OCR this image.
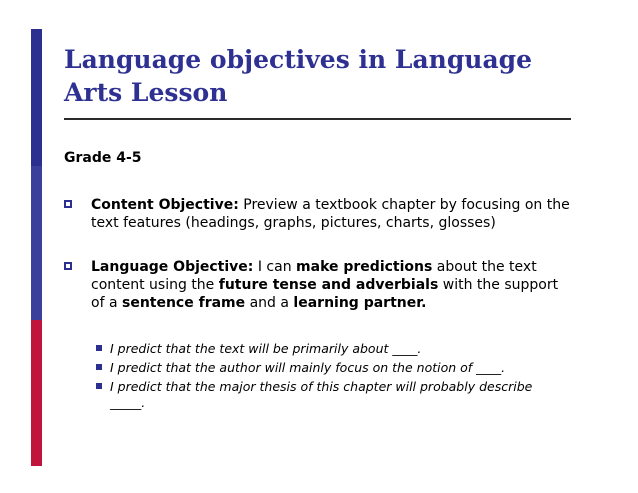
Language objectives in Language Arts Lesson
Grade 4-5
Content Objective: Preview a textbook chapter by focusing on the text features (headings, graphs, pictures, charts, glosses)
Language Objective: I can make predictions about the text content using the future tense and adverbials with the support of a sentence frame and a learning partner.
I predict that the text will be primarily about ____.
I predict that the author will mainly focus on the notion of ____.
I predict that the major thesis of this chapter will probably describe _____.
